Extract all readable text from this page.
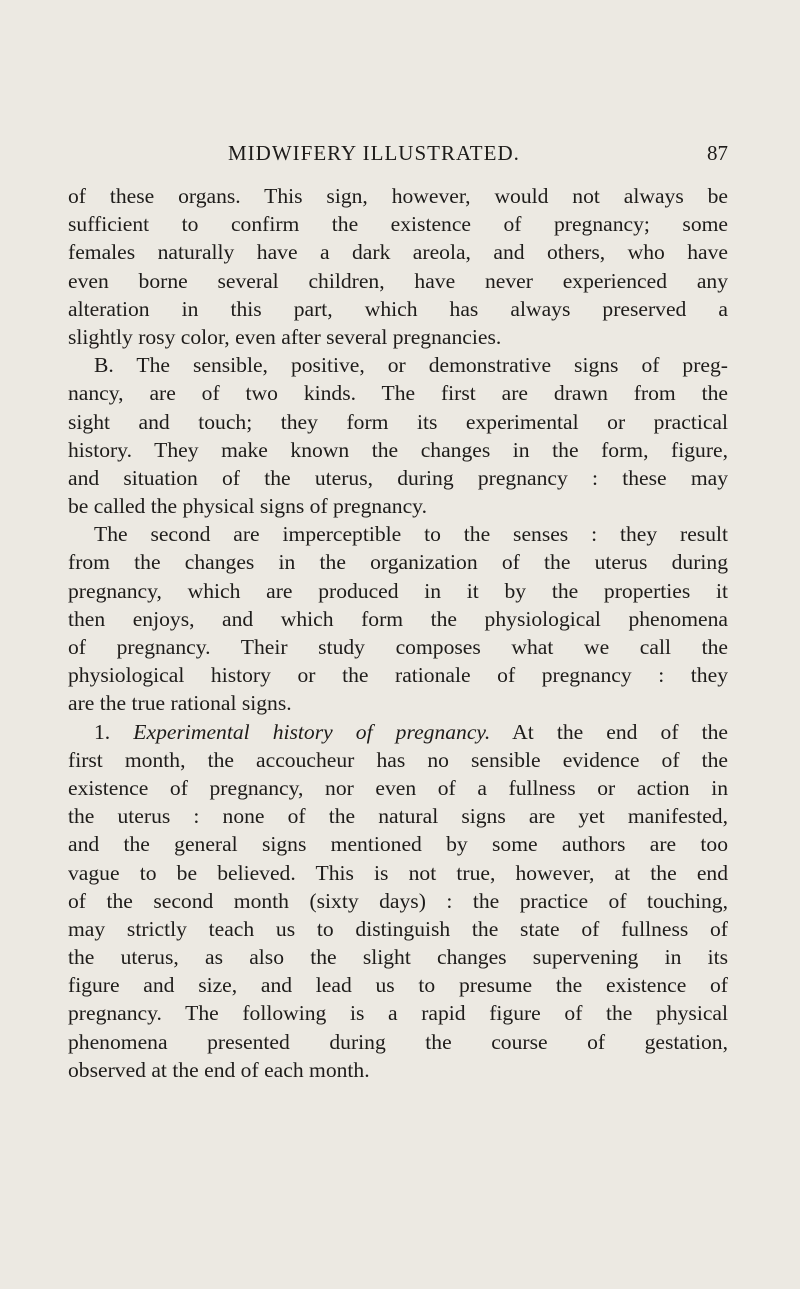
MIDWIFERY ILLUSTRATED.	87
of these organs. This sign, however, would not always be
sufficient to confirm the existence of pregnancy; some
females naturally have a dark areola, and others, who have
even borne several children, have never experienced any
alteration in this part, which has always preserved a
slightly rosy color, even after several pregnancies.
B. The sensible, positive, or demonstrative signs of preg-
nancy, are of two kinds. The first are drawn from the
sight and touch; they form its experimental or practical
history. They make known the changes in the form, figure,
and situation of the uterus, during pregnancy : these may
be called the physical signs of pregnancy.
The second are imperceptible to the senses : they result
from the changes in the organization of the uterus during
pregnancy, which are produced in it by the properties it
then enjoys, and which form the physiological phenomena
of pregnancy. Their study composes what we call the
physiological history or the rationale of pregnancy : they
are the true rational signs.
1. Experimental history of pregnancy. At the end of the
first month, the accoucheur has no sensible evidence of the
existence of pregnancy, nor even of a fullness or action in
the uterus : none of the natural signs are yet manifested,
and the general signs mentioned by some authors are too
vague to be believed. This is not true, however, at the end
of the second month (sixty days) : the practice of touching,
may strictly teach us to distinguish the state of fullness of
the uterus, as also the slight changes supervening in its
figure and size, and lead us to presume the existence of
pregnancy. The following is a rapid figure of the physical
phenomena presented during the course of gestation,
observed at the end of each month.
